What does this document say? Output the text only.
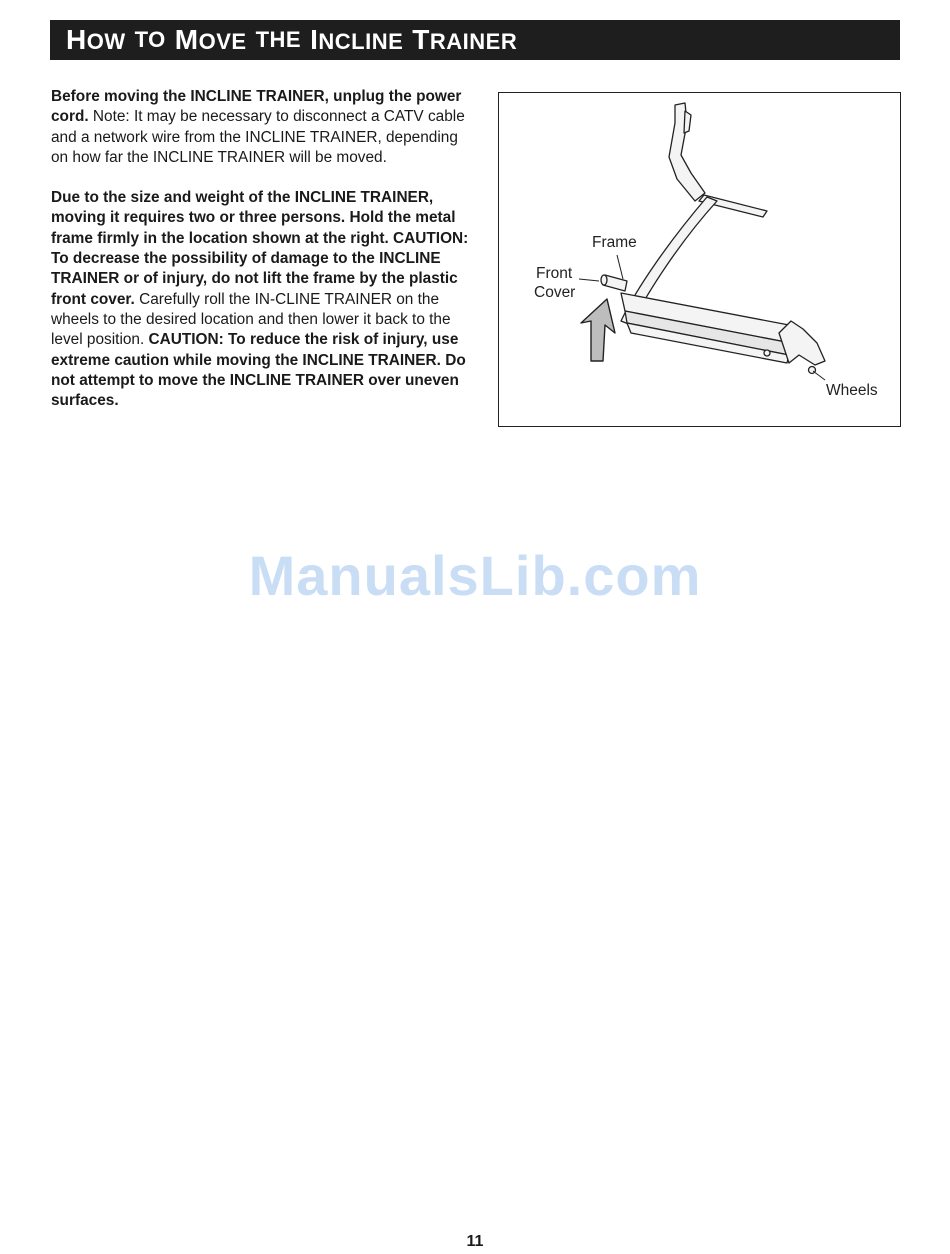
HOW TO MOVE THE INCLINE TRAINER

Before moving the INCLINE TRAINER, unplug the power cord. Note: It may be necessary to disconnect a CATV cable and a network wire from the INCLINE TRAINER, depending on how far the INCLINE TRAINER will be moved.

Due to the size and weight of the INCLINE TRAINER, moving it requires two or three persons. Hold the metal frame firmly in the location shown at the right. CAUTION: To decrease the possibility of damage to the INCLINE TRAINER or of injury, do not lift the frame by the plastic front cover. Carefully roll the IN-CLINE TRAINER on the wheels to the desired location and then lower it back to the level position. CAUTION: To reduce the risk of injury, use extreme caution while moving the INCLINE TRAINER. Do not attempt to move the INCLINE TRAINER over uneven surfaces.

Frame
Front
Cover
Wheels
ManualsLib.com
11
